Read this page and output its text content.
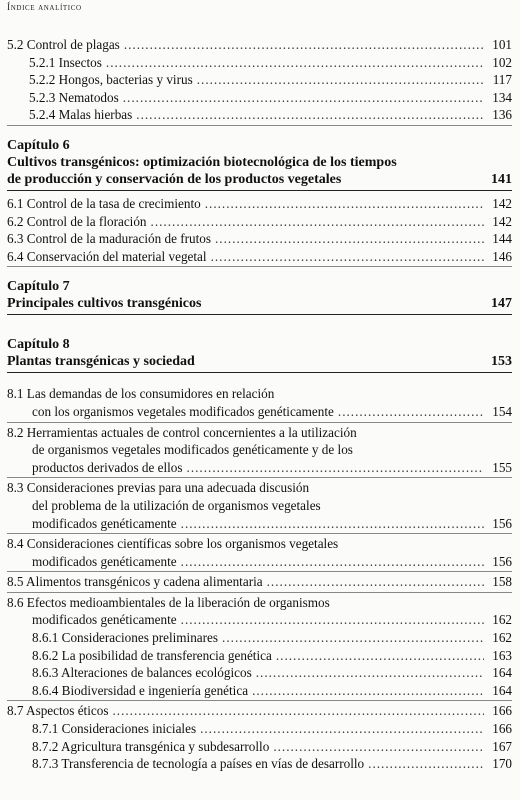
Índice analítico
5.2 Control de plagas .....	101
5.2.1 Insectos .....	102
5.2.2 Hongos, bacterias y virus .....	117
5.2.3 Nematodos .....	134
5.2.4 Malas hierbas .....	136
Capítulo 6
Cultivos transgénicos: optimización biotecnológica de los tiempos
de producción y conservación de los productos vegetales	141
6.1 Control de la tasa de crecimiento .....	142
6.2 Control de la floración .....	142
6.3 Control de la maduración de frutos .....	144
6.4 Conservación del material vegetal .....	146
Capítulo 7
Principales cultivos transgénicos	147
Capítulo 8
Plantas transgénicas y sociedad	153
8.1 Las demandas de los consumidores en relación
con los organismos vegetales modificados genéticamente .....	154
8.2 Herramientas actuales de control concernientes a la utilización
de organismos vegetales modificados genéticamente y de los
productos derivados de ellos .....	155
8.3 Consideraciones previas para una adecuada discusión
del problema de la utilización de organismos vegetales
modificados genéticamente .....	156
8.4 Consideraciones científicas sobre los organismos vegetales
modificados genéticamente .....	156
8.5 Alimentos transgénicos y cadena alimentaria .....	158
8.6 Efectos medioambientales de la liberación de organismos
modificados genéticamente .....	162
8.6.1 Consideraciones preliminares .....	162
8.6.2 La posibilidad de transferencia genética .....	163
8.6.3 Alteraciones de balances ecológicos .....	164
8.6.4 Biodiversidad e ingeniería genética .....	164
8.7 Aspectos éticos .....	166
8.7.1 Consideraciones iniciales .....	166
8.7.2 Agricultura transgénica y subdesarrollo .....	167
8.7.3 Transferencia de tecnología a países en vías de desarrollo .....	170
